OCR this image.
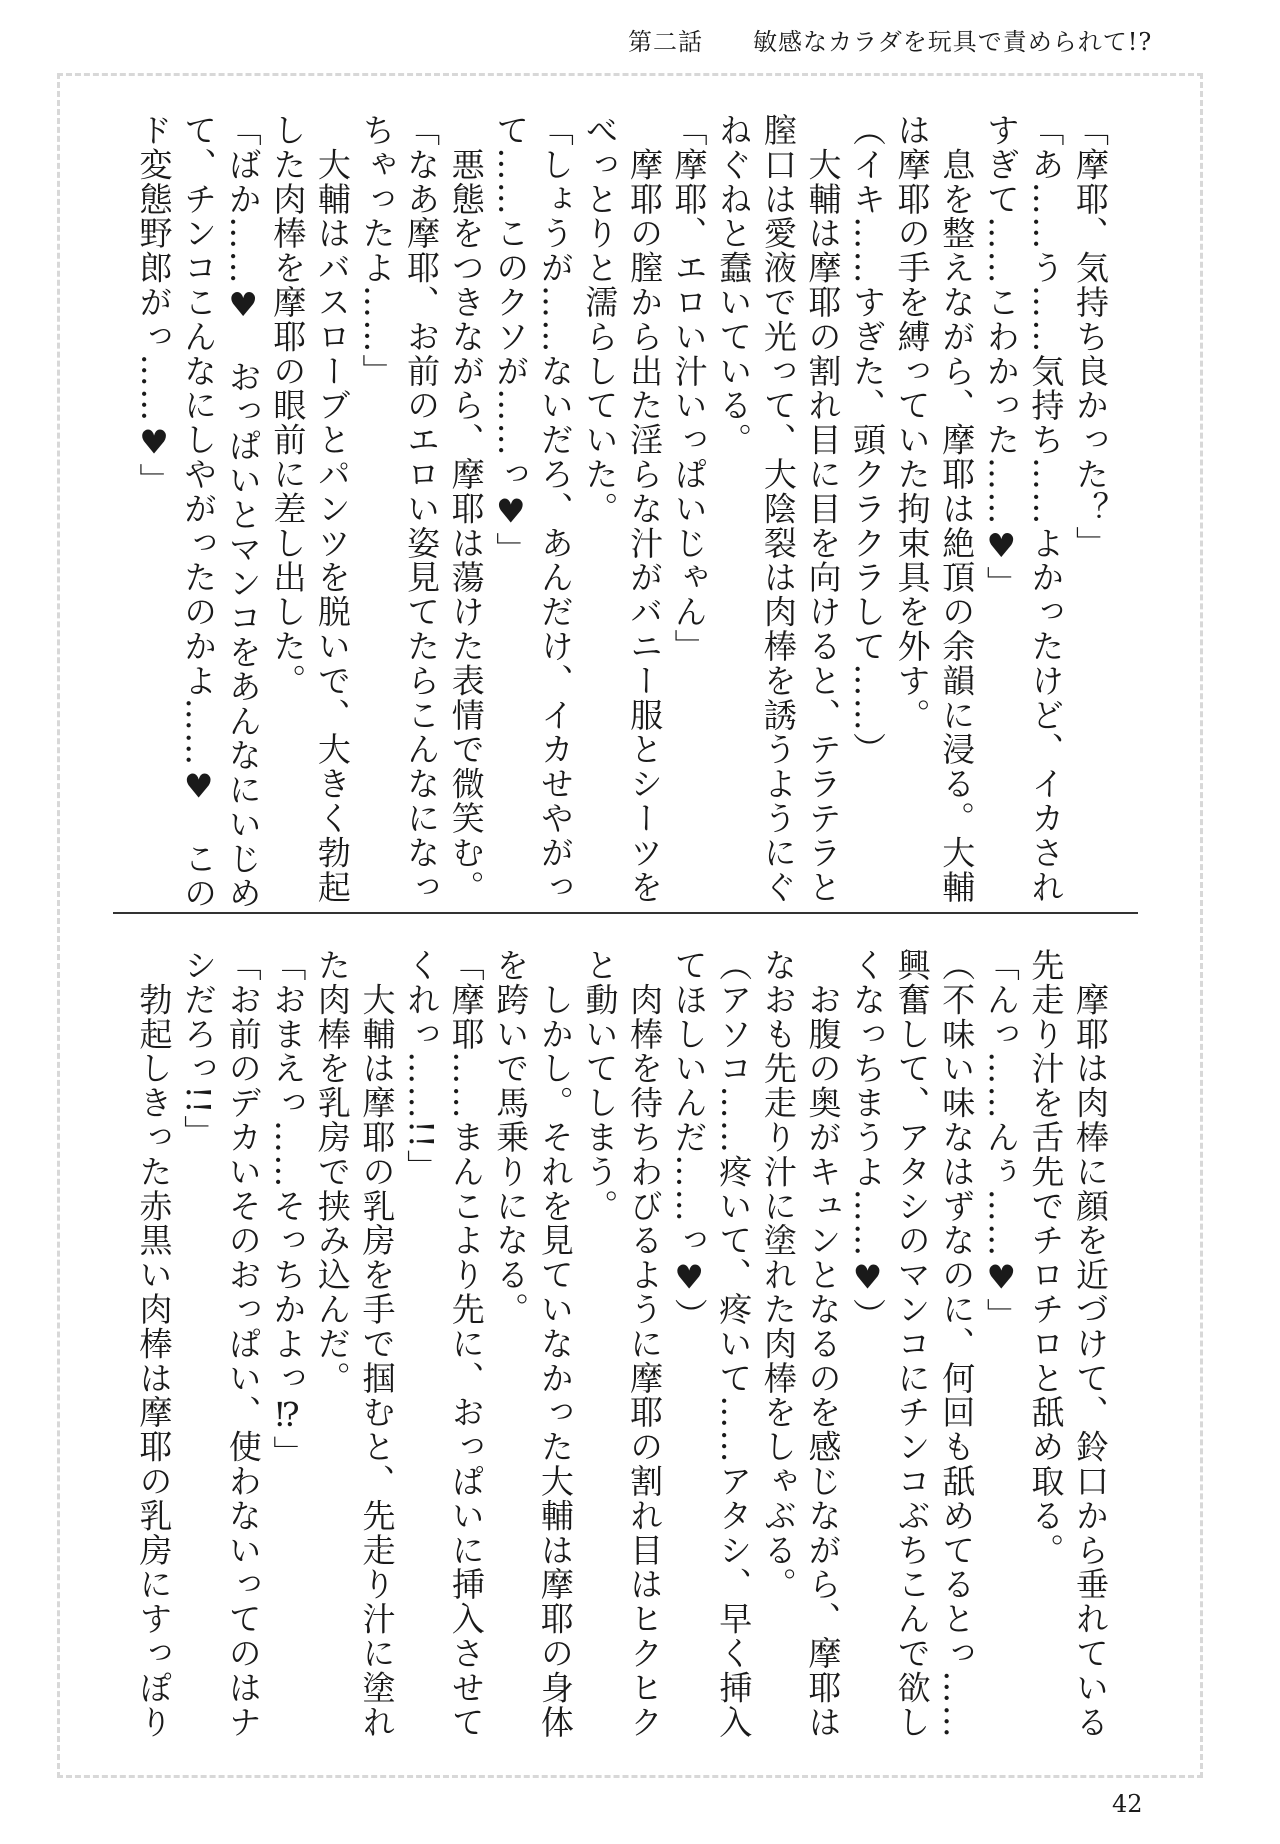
第二話　　 敏感なカラダを玩具で責められて!?
「摩耶、気持ち良かった？」
「あ……う……気持ち……よかったけど、イカされ
すぎて……こわかった……♥」
　息を整えながら、摩耶は絶頂の余韻に浸る。大輔
は摩耶の手を縛っていた拘束具を外す。
（イキ……すぎた、頭クラクラして……）
　大輔は摩耶の割れ目に目を向けると、テラテラと
膣口は愛液で光って、大陰裂は肉棒を誘うようにぐ
ねぐねと蠢いている。
「摩耶、エロい汁いっぱいじゃん」
　摩耶の膣から出た淫らな汁がバニー服とシーツを
べっとりと濡らしていた。
「しょうが……ないだろ、あんだけ、イカせやがっ
て……このクソが……っ♥」
　悪態をつきながら、摩耶は蕩けた表情で微笑む。
「なあ摩耶、お前のエロい姿見てたらこんなになっ
ちゃったよ……」
　大輔はバスローブとパンツを脱いで、大きく勃起
した肉棒を摩耶の眼前に差し出した。
「ばか……♥　おっぱいとマンコをあんなにいじめ
て、チンコこんなにしやがったのかよ……♥　この
ド変態野郎がっ……♥」
　摩耶は肉棒に顔を近づけて、鈴口から垂れている
先走り汁を舌先でチロチロと舐め取る。
「んっ……んぅ……♥」
（不味い味なはずなのに、何回も舐めてるとっ……
興奮して、アタシのマンコにチンコぶちこんで欲し
くなっちまうよ……♥）
　お腹の奥がキュンとなるのを感じながら、摩耶は
なおも先走り汁に塗れた肉棒をしゃぶる。
（アソコ……疼いて、疼いて……アタシ、早く挿入
てほしいんだ……っ♥）
　肉棒を待ちわびるように摩耶の割れ目はヒクヒク
と動いてしまう。
　しかし。それを見ていなかった大輔は摩耶の身体
を跨いで馬乗りになる。
「摩耶……まんこより先に、おっぱいに挿入させて
くれっ……!!」
　大輔は摩耶の乳房を手で掴むと、先走り汁に塗れ
た肉棒を乳房で挟み込んだ。
「おまえっ……そっちかよっ⁉」
「お前のデカいそのおっぱい、使わないってのはナ
シだろっ!!」
　勃起しきった赤黒い肉棒は摩耶の乳房にすっぽり
42
